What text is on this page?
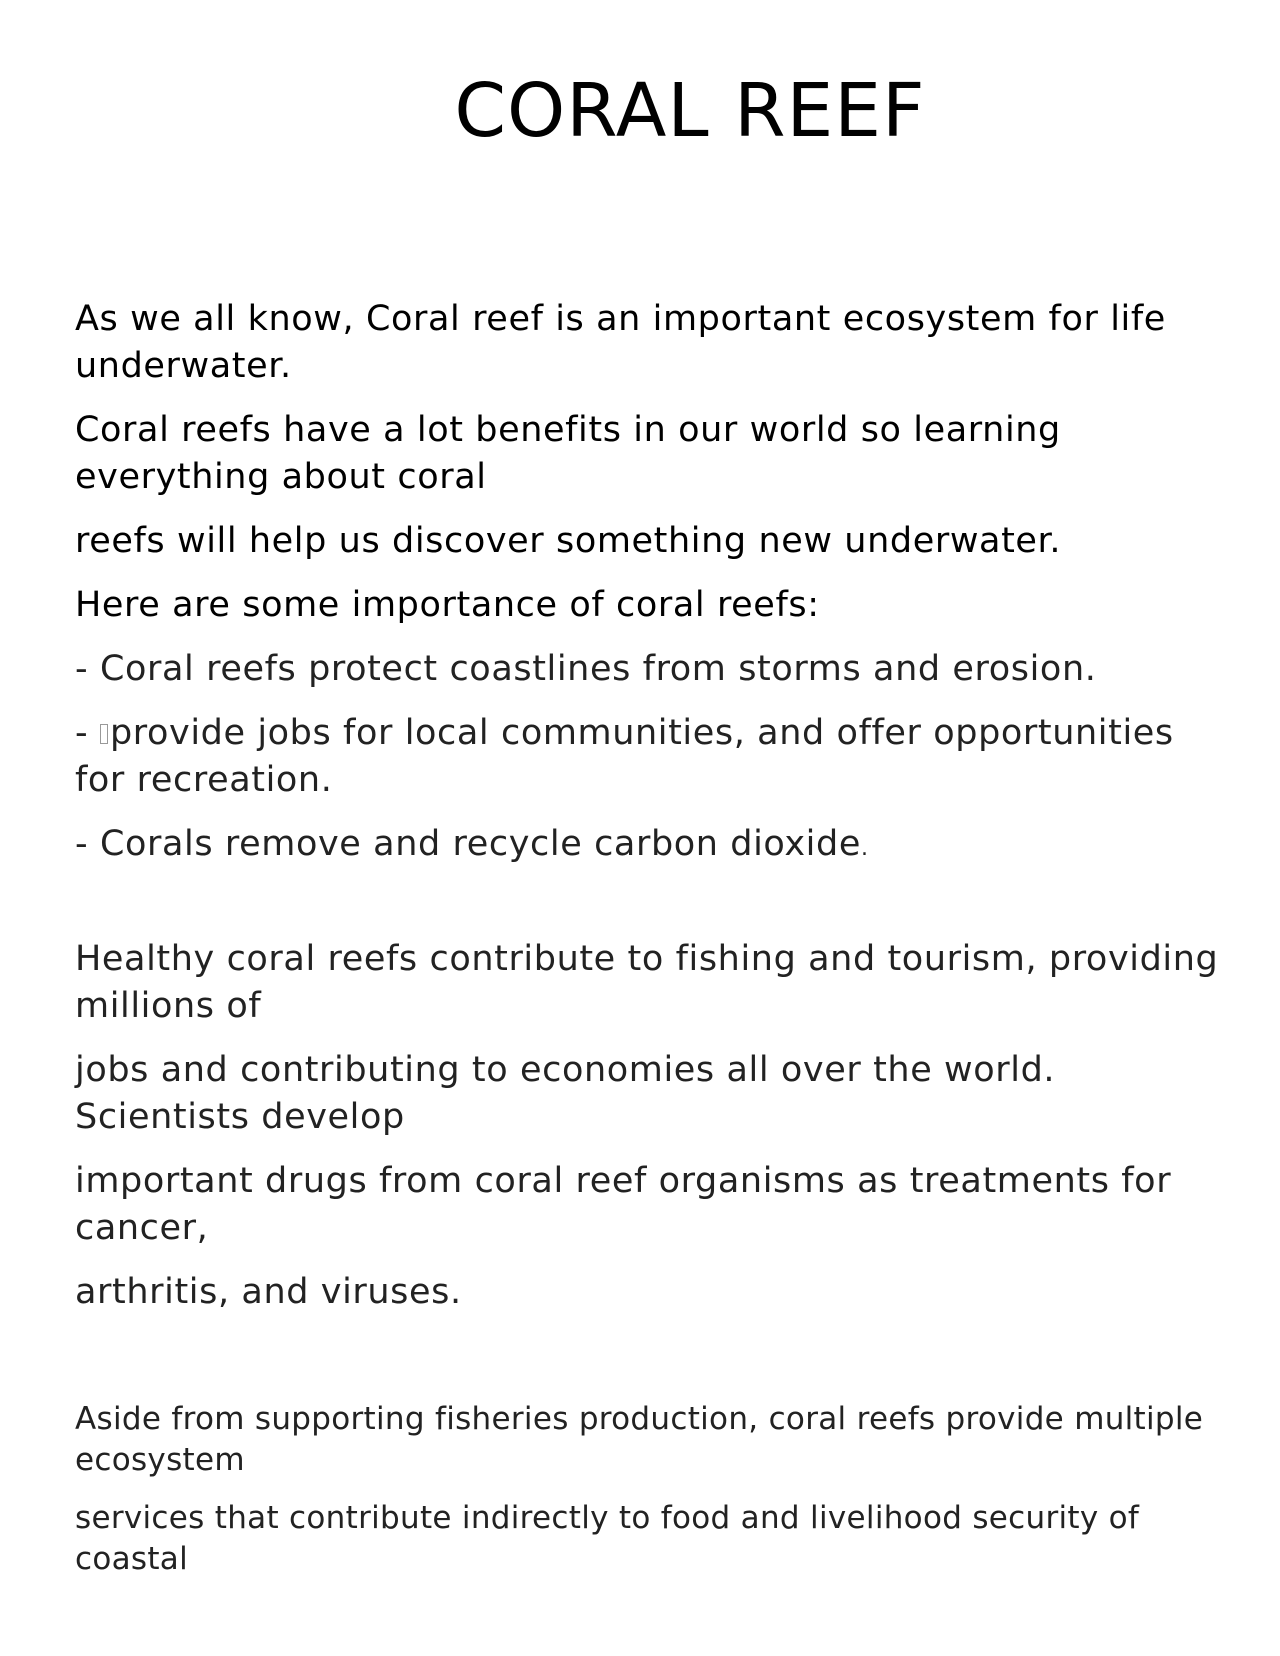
CORAL REEF

As we all know, Coral reef is an important ecosystem for life underwater.

Coral reefs have a lot benefits in our world so learning everything about coral

reefs will help us discover something new underwater.

Here are some importance of coral reefs:

- Coral reefs protect coastlines from storms and erosion.

- provide jobs for local communities, and offer opportunities for recreation.

- Corals remove and recycle carbon dioxide.

Healthy coral reefs contribute to fishing and tourism, providing millions of

jobs and contributing to economies all over the world. Scientists develop

important drugs from coral reef organisms as treatments for cancer,

arthritis, and viruses.

Aside from supporting fisheries production, coral reefs provide multiple ecosystem

services that contribute indirectly to food and livelihood security of coastal
